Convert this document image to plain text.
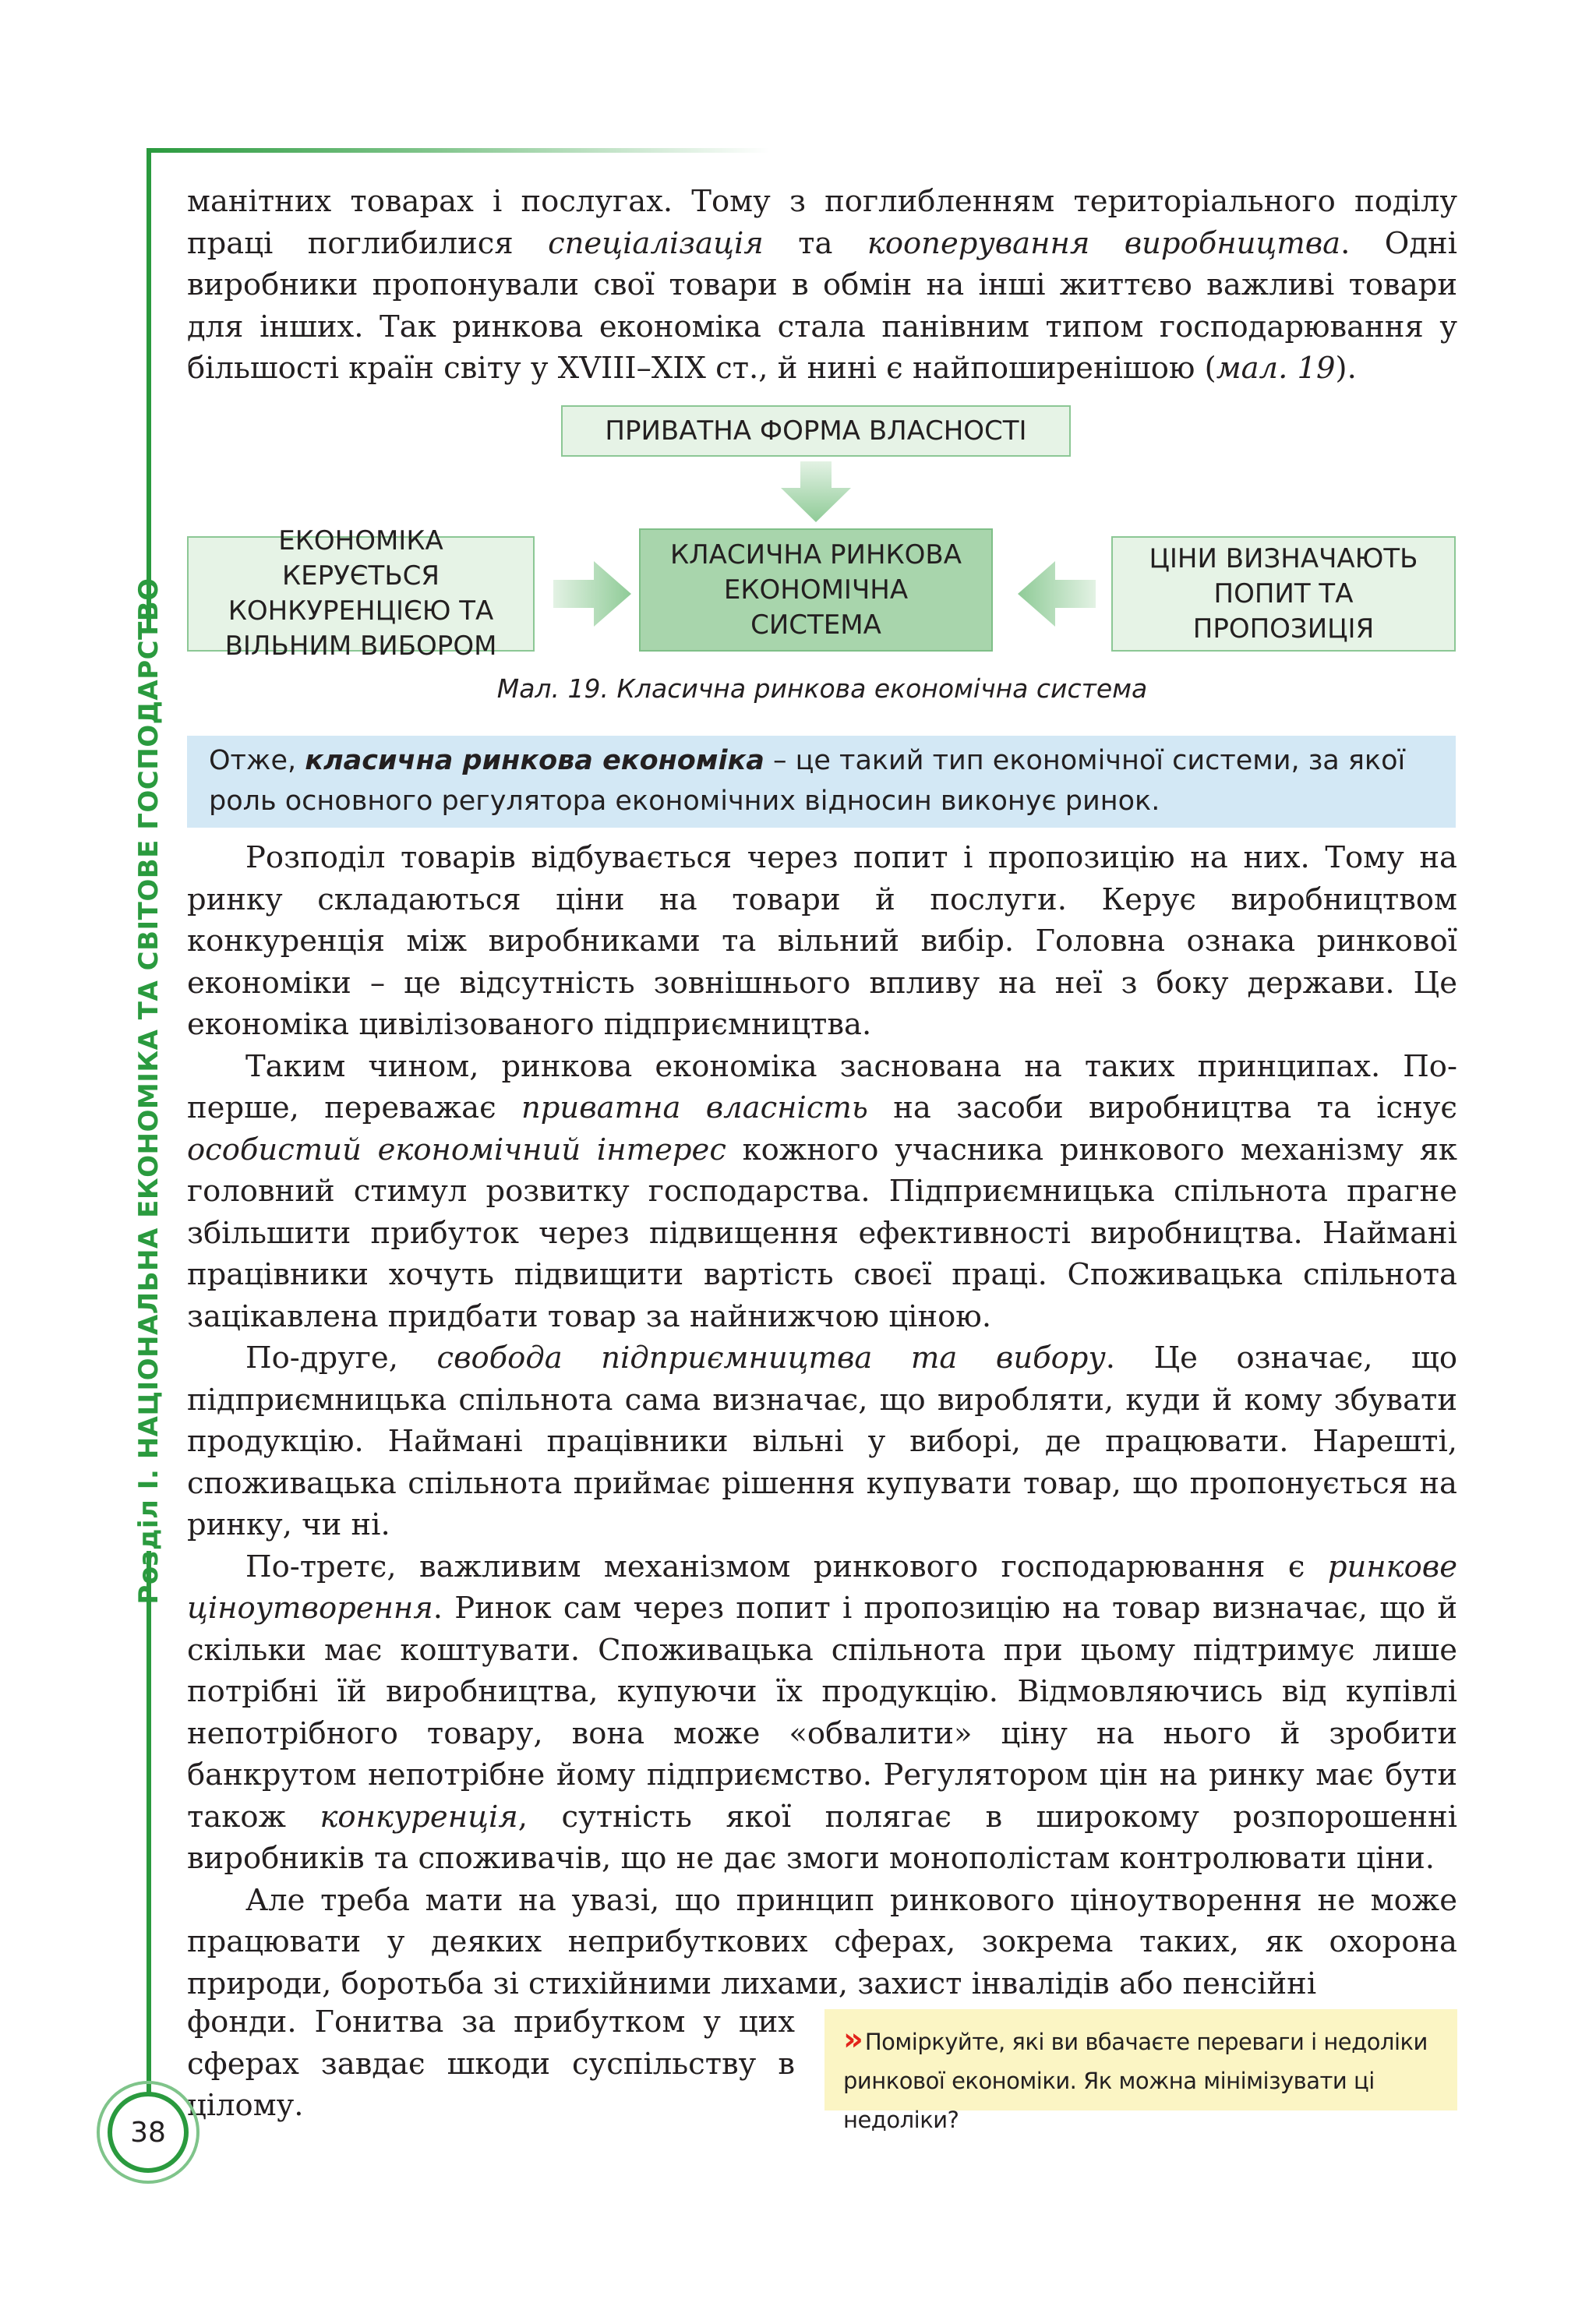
Розділ I. НАЦІОНАЛЬНА ЕКОНОМІКА ТА СВІТОВЕ ГОСПОДАРСТВО

манітних товарах і послугах. Тому з поглибленням територіального поділу праці поглибилися спеціалізація та кооперування виробництва. Одні виробники пропонували свої товари в обмін на інші життєво важливі товари для інших. Так ринкова економіка стала панівним типом господарювання у більшості країн світу у XVIII–XIX ст., й нині є найпоширенішою (мал. 19).

ПРИВАТНА ФОРМА ВЛАСНОСТІ
ЕКОНОМІКА КЕРУЄТЬСЯ КОНКУРЕНЦІЄЮ ТА ВІЛЬНИМ ВИБОРОМ
КЛАСИЧНА РИНКОВА ЕКОНОМІЧНА СИСТЕМА
ЦІНИ ВИЗНАЧАЮТЬ ПОПИТ ТА ПРОПОЗИЦІЯ
Мал. 19. Класична ринкова економічна система
Отже, класична ринкова економіка – це такий тип економічної системи, за якої роль основного регулятора економічних відносин виконує ринок.

Розподіл товарів відбувається через попит і пропозицію на них. Тому на ринку складаються ціни на товари й послуги. Керує виробництвом конкуренція між виробниками та вільний вибір. Головна ознака ринкової економіки – це відсутність зовнішнього впливу на неї з боку держави. Це економіка цивілізованого підприємництва.

Таким чином, ринкова економіка заснована на таких принципах. По-перше, переважає приватна власність на засоби виробництва та існує особистий економічний інтерес кожного учасника ринкового механізму як головний стимул розвитку господарства. Підприємницька спільнота прагне збільшити прибуток через підвищення ефективності виробництва. Наймані працівники хочуть підвищити вартість своєї праці. Споживацька спільнота зацікавлена придбати товар за найнижчою ціною.

По-друге, свобода підприємництва та вибору. Це означає, що підприємницька спільнота сама визначає, що виробляти, куди й кому збувати продукцію. Наймані працівники вільні у виборі, де працювати. Нарешті, споживацька спільнота приймає рішення купувати товар, що пропонується на ринку, чи ні.

По-третє, важливим механізмом ринкового господарювання є ринкове ціноутворення. Ринок сам через попит і пропозицію на товар визначає, що й скільки має коштувати. Споживацька спільнота при цьому підтримує лише потрібні їй виробництва, купуючи їх продукцію. Відмовляючись від купівлі непотрібного товару, вона може «обвалити» ціну на нього й зробити банкрутом непотрібне йому підприємство. Регулятором цін на ринку має бути також конкуренція, сутність якої полягає в широкому розпорошенні виробників та споживачів, що не дає змоги монополістам контролювати ціни.

Але треба мати на увазі, що принцип ринкового ціноутворення не може працювати у деяких неприбуткових сферах, зокрема таких, як охорона природи, боротьба зі стихійними лихами, захист інвалідів або пенсійні

фонди. Гонитва за прибутком у цих сферах завдає шкоди суспільству в цілому.

» Поміркуйте, які ви вбачаєте переваги і недоліки ринкової економіки. Як можна мінімізувати ці недоліки?
38
